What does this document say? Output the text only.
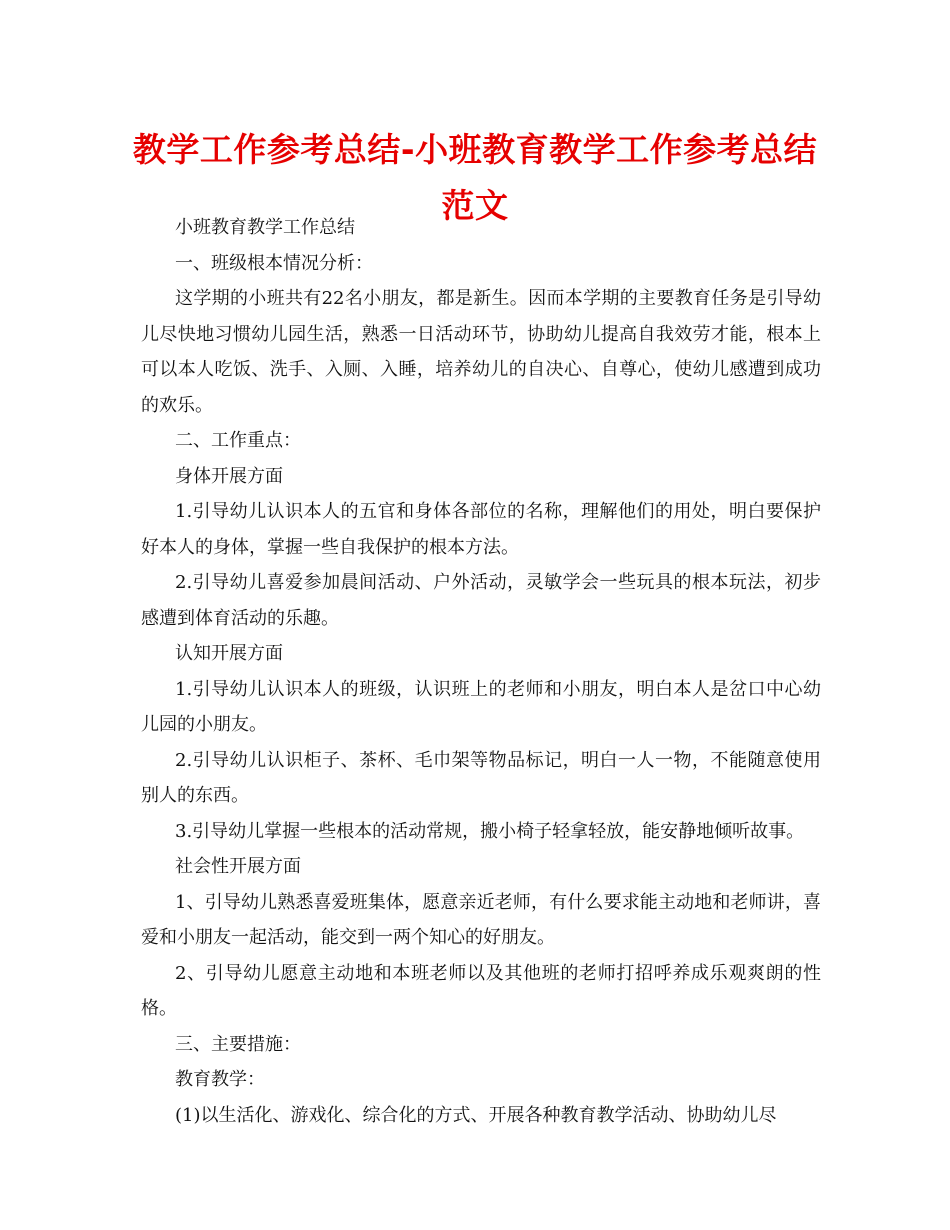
教学工作参考总结-小班教育教学工作参考总结范文

小班教育教学工作总结

一、班级根本情况分析：

这学期的小班共有22名小朋友，都是新生。因而本学期的主要教育任务是引导幼儿尽快地习惯幼儿园生活，熟悉一日活动环节，协助幼儿提高自我效劳才能，根本上可以本人吃饭、洗手、入厕、入睡，培养幼儿的自决心、自尊心，使幼儿感遭到成功的欢乐。

二、工作重点：

身体开展方面

1.引导幼儿认识本人的五官和身体各部位的名称，理解他们的用处，明白要保护好本人的身体，掌握一些自我保护的根本方法。

2.引导幼儿喜爱参加晨间活动、户外活动，灵敏学会一些玩具的根本玩法，初步感遭到体育活动的乐趣。

认知开展方面

1.引导幼儿认识本人的班级，认识班上的老师和小朋友，明白本人是岔口中心幼儿园的小朋友。

2.引导幼儿认识柜子、茶杯、毛巾架等物品标记，明白一人一物，不能随意使用别人的东西。

3.引导幼儿掌握一些根本的活动常规，搬小椅子轻拿轻放，能安静地倾听故事。

社会性开展方面

1、引导幼儿熟悉喜爱班集体，愿意亲近老师，有什么要求能主动地和老师讲，喜爱和小朋友一起活动，能交到一两个知心的好朋友。

2、引导幼儿愿意主动地和本班老师以及其他班的老师打招呼养成乐观爽朗的性格。

三、主要措施：

教育教学：

(1)以生活化、游戏化、综合化的方式、开展各种教育教学活动、协助幼儿尽
